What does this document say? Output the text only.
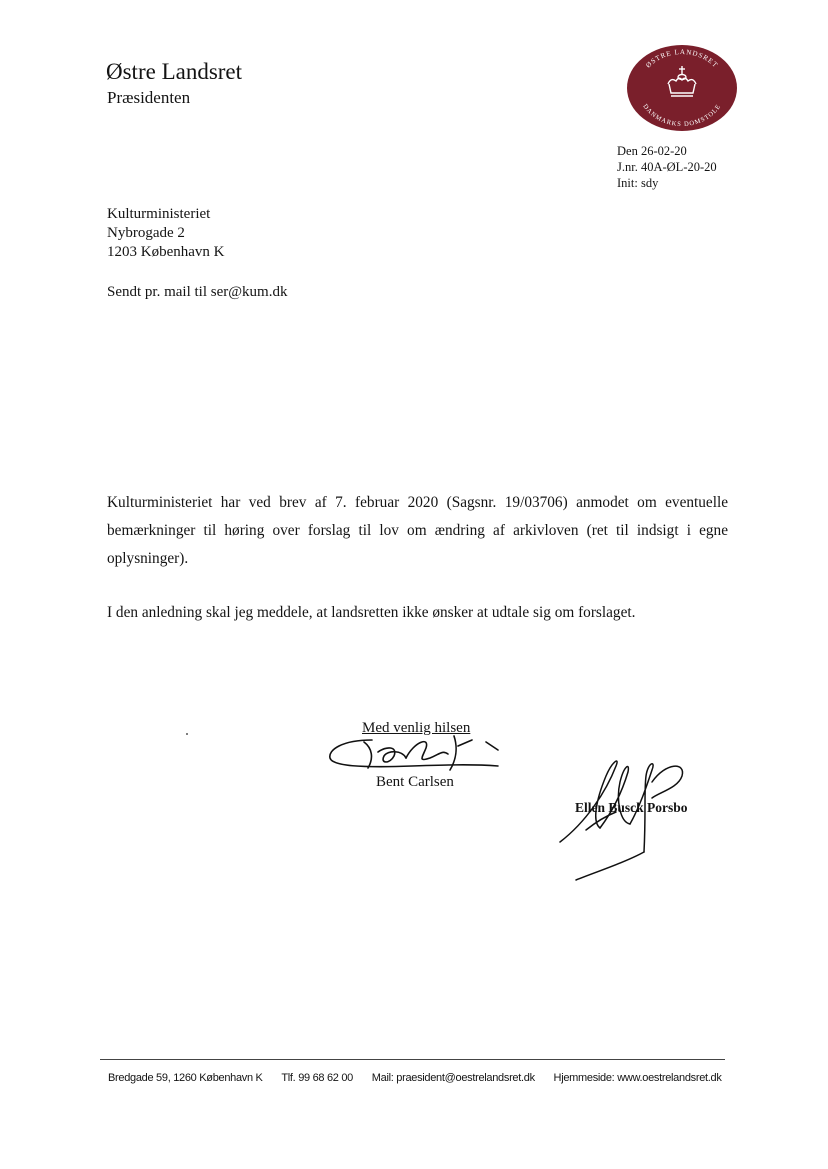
Østre Landsret
Præsidenten
ØSTRE LANDSRET
DANMARKS DOMSTOLE
Den 26-02-20
J.nr. 40A-ØL-20-20
Init: sdy
Kulturministeriet
Nybrogade 2
1203 København K
Sendt pr. mail til ser@kum.dk
Kulturministeriet har ved brev af 7. februar 2020 (Sagsnr. 19/03706) anmodet om eventuelle bemærkninger til høring over forslag til lov om ændring af arkivloven (ret til indsigt i egne oplysninger).
I den anledning skal jeg meddele, at landsretten ikke ønsker at udtale sig om forslaget.
Med venlig hilsen
Bent Carlsen
Ellen Busck Porsbo
Bredgade 59, 1260 København K Tlf. 99 68 62 00 Mail: praesident@oestrelandsret.dk Hjemmeside: www.oestrelandsret.dk
